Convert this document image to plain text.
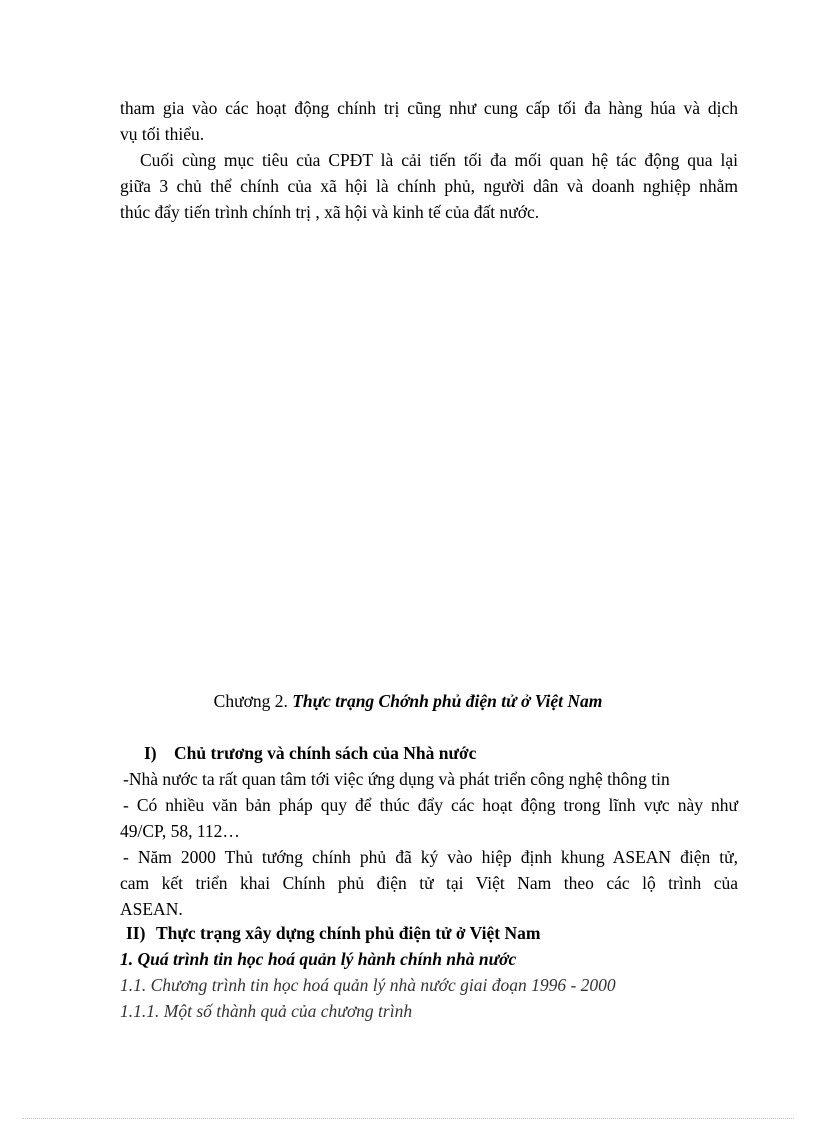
tham gia vào các hoạt động chính trị cũng như cung cấp tối đa hàng húa và dịch
vụ tối thiểu.
Cuối cùng mục tiêu của CPĐT là cải tiến tối đa mối quan hệ tác động qua lại
giữa 3 chủ thể chính của xã hội là chính phủ, người dân và doanh nghiệp nhằm
thúc đẩy tiến trình chính trị , xã hội và kinh tế của đất nước.
Chương 2. Thực trạng Chớnh phủ điện tử ở Việt Nam
I) Chủ trương và chính sách của Nhà nước
-Nhà nước ta rất quan tâm tới việc ứng dụng và phát triển công nghệ thông tin
- Có nhiều văn bản pháp quy để thúc đẩy các hoạt động trong lĩnh vực này như
49/CP, 58, 112…
- Năm 2000 Thủ tướng chính phủ đã ký vào hiệp định khung ASEAN điện tử,
cam kết triển khai Chính phủ điện tử tại Việt Nam theo các lộ trình của
ASEAN.
II) Thực trạng xây dựng chính phủ điện tử ở Việt Nam
1. Quá trình tin học hoá quản lý hành chính nhà nước
1.1. Chương trình tin học hoá quản lý nhà nước giai đoạn 1996 - 2000
1.1.1. Một số thành quả của chương trình
